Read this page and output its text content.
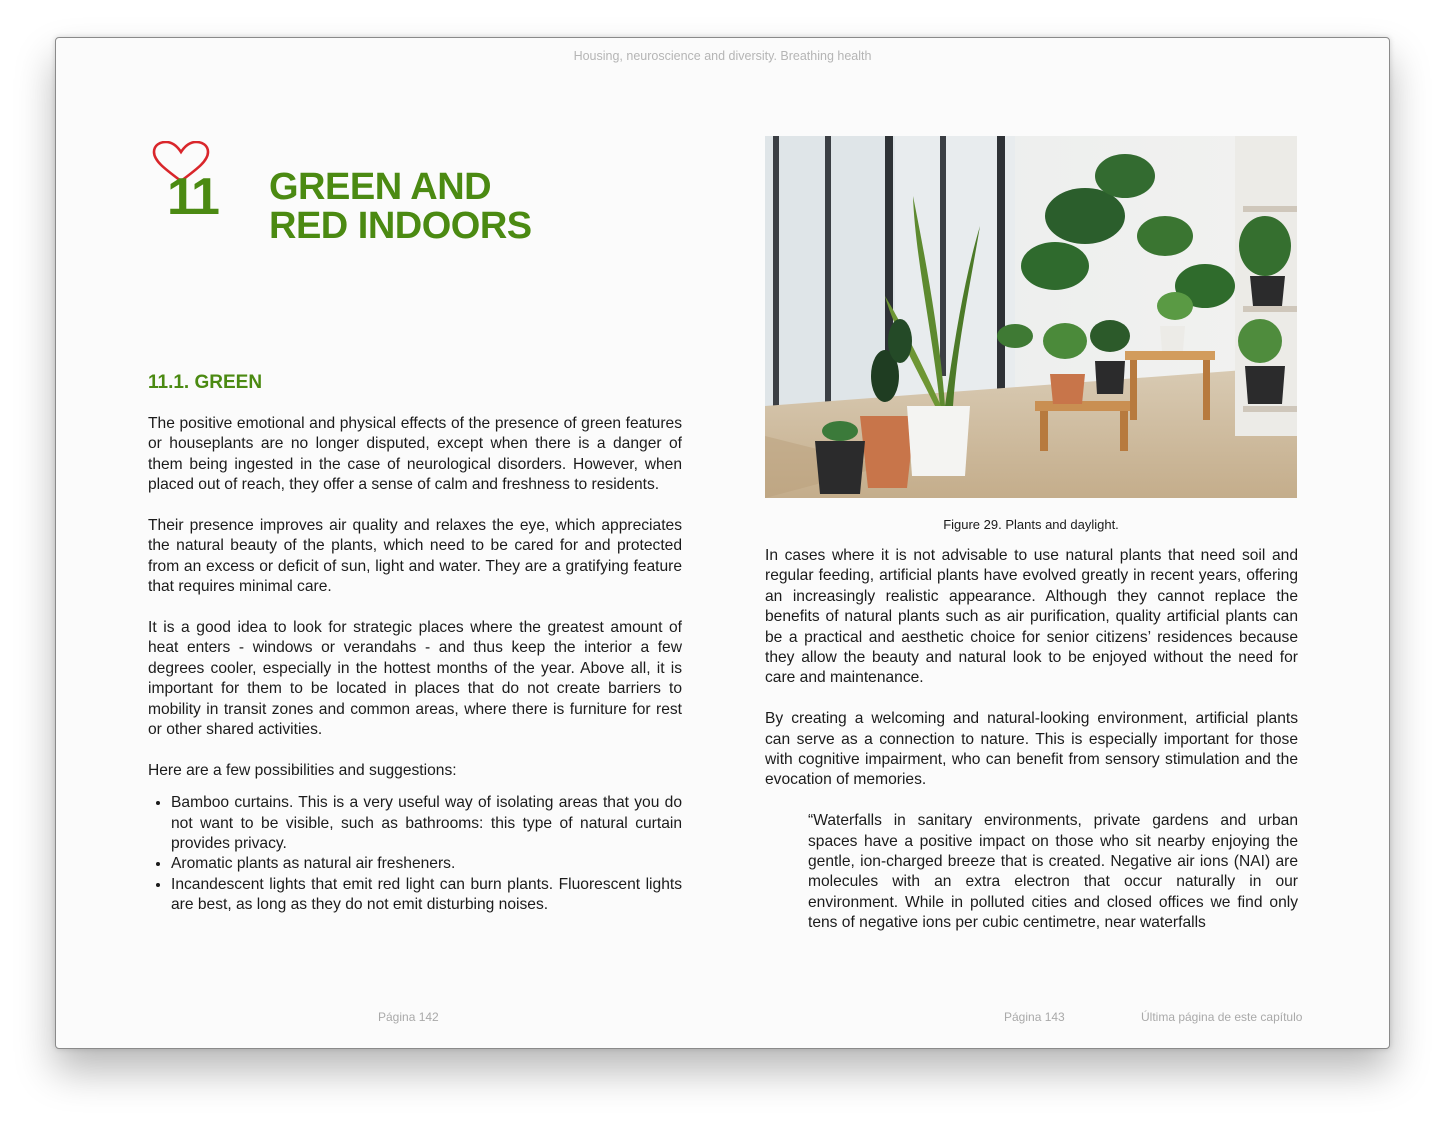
Housing, neuroscience and diversity. Breathing health
11 GREEN AND
RED INDOORS
11.1. GREEN

The positive emotional and physical effects of the presence of green features or houseplants are no longer disputed, except when there is a danger of them being ingested in the case of neurological disorders. However, when placed out of reach, they offer a sense of calm and freshness to residents.

Their presence improves air quality and relaxes the eye, which appreciates the natural beauty of the plants, which need to be cared for and protected from an excess or deficit of sun, light and water. They are a gratifying feature that requires minimal care.

It is a good idea to look for strategic places where the greatest amount of heat enters - windows or verandahs - and thus keep the interior a few degrees cooler, especially in the hottest months of the year. Above all, it is important for them to be located in places that do not create barriers to mobility in transit zones and common areas, where there is furniture for rest or other shared activities.

Here are a few possibilities and suggestions:

• Bamboo curtains. This is a very useful way of isolating areas that you do not want to be visible, such as bathrooms: this type of natural curtain provides privacy.
• Aromatic plants as natural air fresheners.
• Incandescent lights that emit red light can burn plants. Fluorescent lights are best, as long as they do not emit disturbing noises.

Figure 29. Plants and daylight.

In cases where it is not advisable to use natural plants that need soil and regular feeding, artificial plants have evolved greatly in recent years, offering an increasingly realistic appearance. Although they cannot replace the benefits of natural plants such as air purification, quality artificial plants can be a practical and aesthetic choice for senior citizens’ residences because they allow the beauty and natural look to be enjoyed without the need for care and maintenance.

By creating a welcoming and natural-looking environment, artificial plants can serve as a connection to nature. This is especially important for those with cognitive impairment, who can benefit from sensory stimulation and the evocation of memories.

“Waterfalls in sanitary environments, private gardens and urban spaces have a positive impact on those who sit nearby enjoying the gentle, ion-charged breeze that is created. Negative air ions (NAI) are molecules with an extra electron that occur naturally in our environment. While in polluted cities and closed offices we find only tens of negative ions per cubic centimetre, near waterfalls

Página 142	Página 143	Última página de este capítulo
